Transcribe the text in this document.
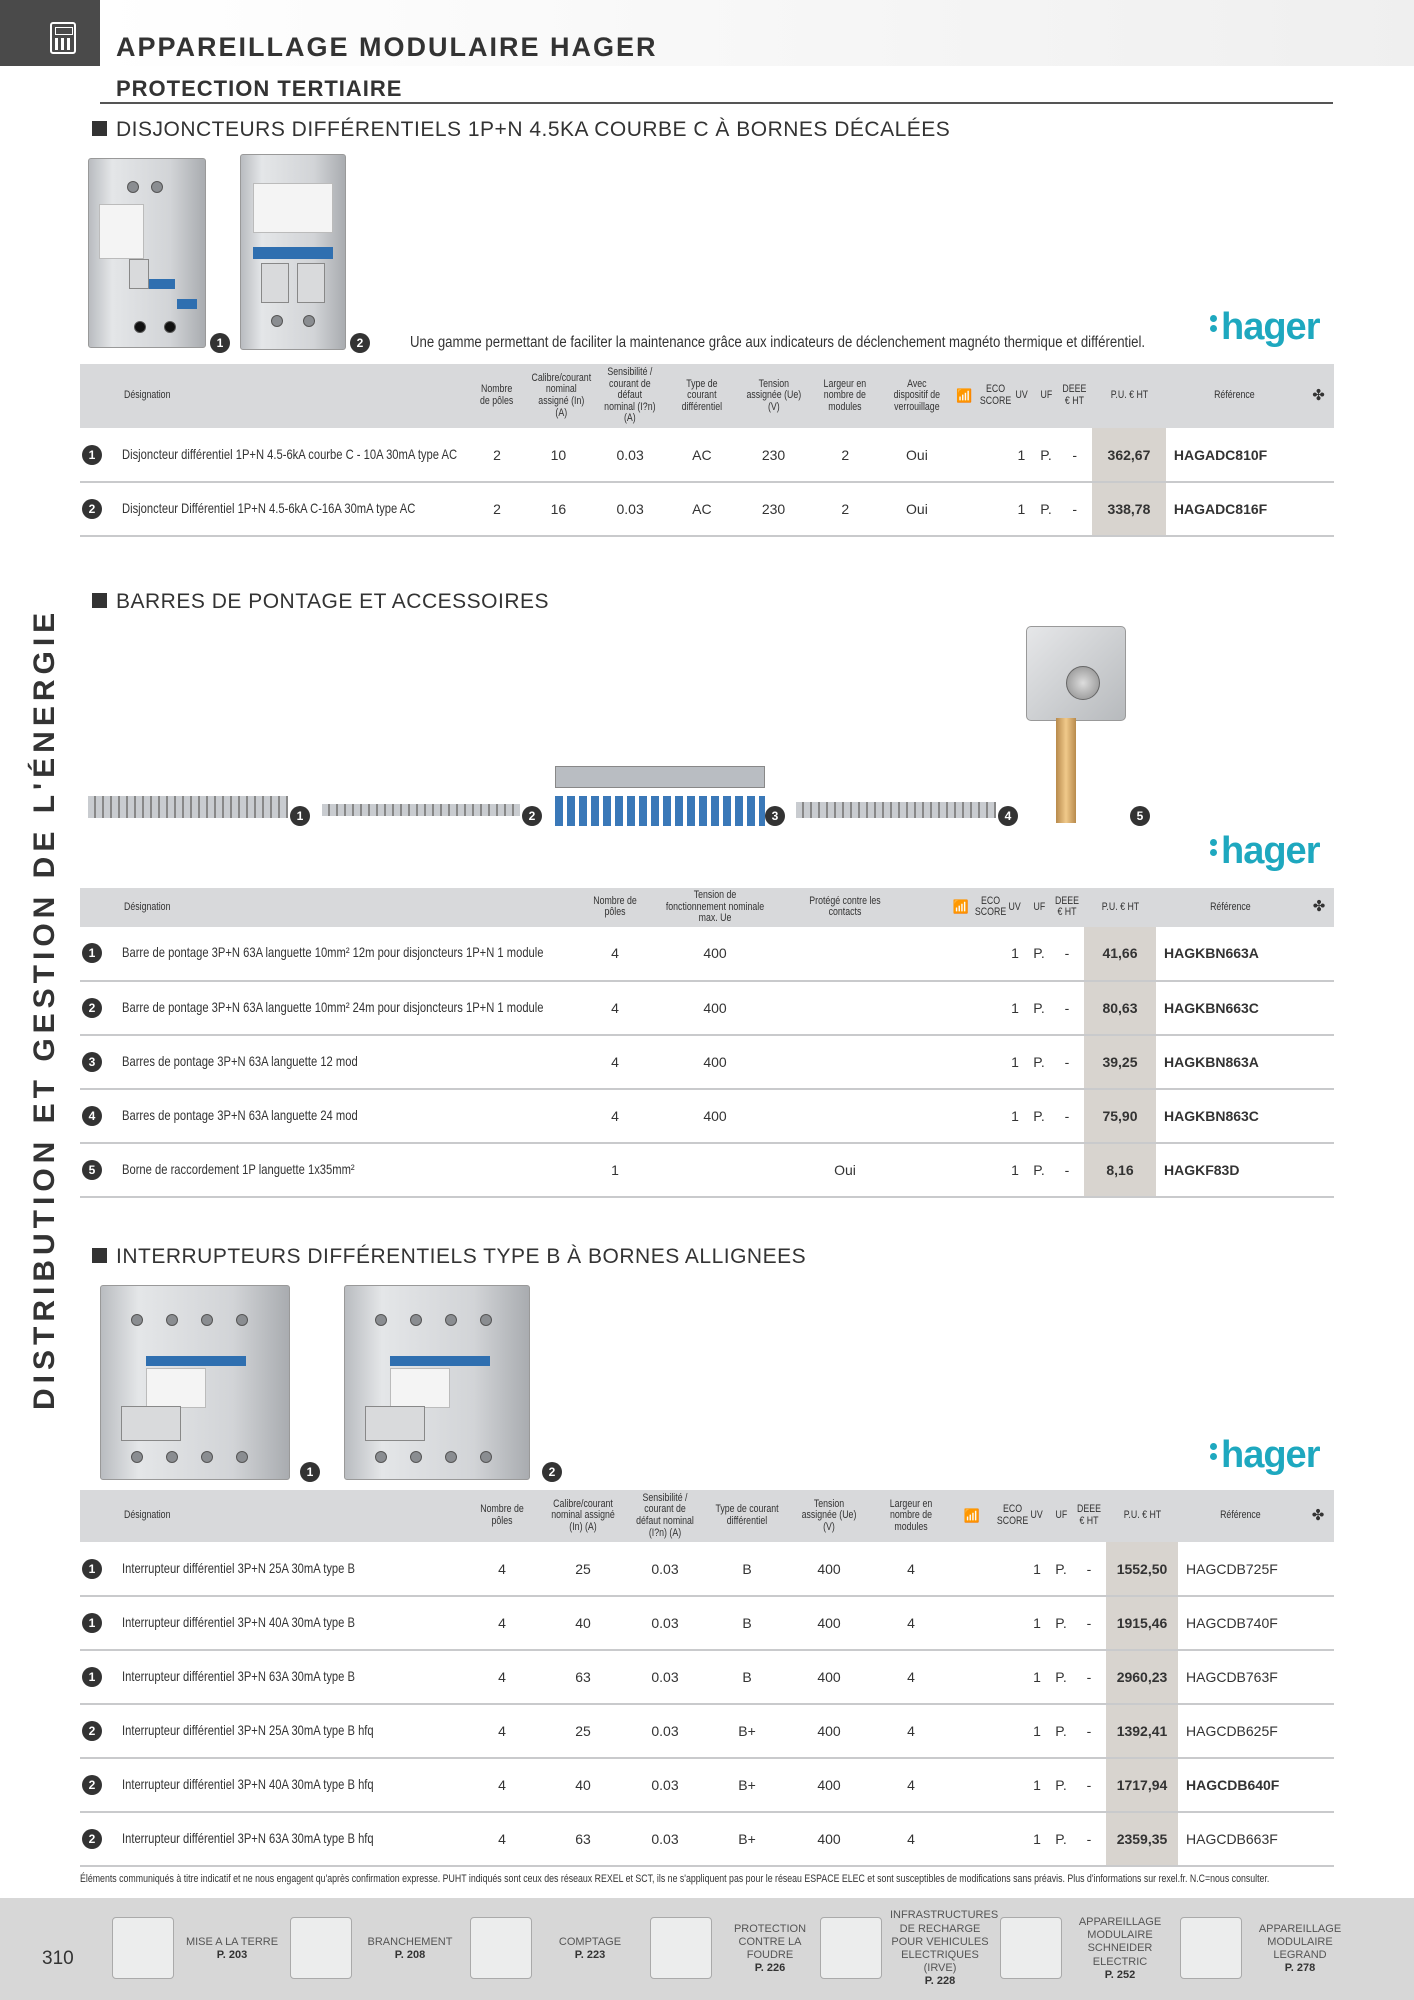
APPAREILLAGE MODULAIRE HAGER
PROTECTION TERTIAIRE
DISTRIBUTION ET GESTION DE L'ÉNERGIE
DISJONCTEURS DIFFÉRENTIELS 1P+N 4.5KA COURBE C À BORNES DÉCALÉES
1	2	Une gamme permettant de faciliter la maintenance grâce aux indicateurs de déclenchement magnéto thermique et différentiel. hager
Désignation	Nombre de pôles	Calibre/courant nominal assigné (In) (A)	Sensibilité / courant de défaut nominal (I?n) (A)	Type de courant différentiel	Tension assignée (Ue) (V)	Largeur en nombre de modules	Avec dispositif de verrouillage	📶	ECO SCORE	UV	UF	DEEE € HT	P.U. € HT	Référence	✤
1 Disjoncteur différentiel 1P+N 4.5-6kA courbe C - 10A 30mA type AC	2	10	0.03	AC	230	2	Oui			1	P.	-	362,67	HAGADC810F	
2 Disjoncteur Différentiel 1P+N 4.5-6kA C-16A 30mA type AC	2	16	0.03	AC	230	2	Oui			1	P.	-	338,78	HAGADC816F	
BARRES DE PONTAGE ET ACCESSOIRES
1	2	3	4	5
hager
Désignation	Nombre de pôles	Tension de fonctionnement nominale max. Ue	Protégé contre les contacts	📶	ECO SCORE	UV	UF	DEEE € HT	P.U. € HT	Référence	✤
1 Barre de pontage 3P+N 63A languette 10mm² 12m pour disjoncteurs 1P+N 1 module	4	400				1	P.	-	41,66	HAGKBN663A	
2 Barre de pontage 3P+N 63A languette 10mm² 24m pour disjoncteurs 1P+N 1 module	4	400				1	P.	-	80,63	HAGKBN663C	
3 Barres de pontage 3P+N 63A languette 12 mod	4	400				1	P.	-	39,25	HAGKBN863A	
4 Barres de pontage 3P+N 63A languette 24 mod	4	400				1	P.	-	75,90	HAGKBN863C	
5 Borne de raccordement 1P languette 1x35mm²	1		Oui			1	P.	-	8,16	HAGKF83D	
INTERRUPTEURS DIFFÉRENTIELS TYPE B À BORNES ALLIGNEES
1	2	hager
Désignation	Nombre de pôles	Calibre/courant nominal assigné (In) (A)	Sensibilité / courant de défaut nominal (I?n) (A)	Type de courant différentiel	Tension assignée (Ue) (V)	Largeur en nombre de modules	📶	ECO SCORE	UV	UF	DEEE € HT	P.U. € HT	Référence	✤
1 Interrupteur différentiel 3P+N 25A 30mA type B	4	25	0.03	B	400	4			1	P.	-	1552,50	HAGCDB725F	
1 Interrupteur différentiel 3P+N 40A 30mA type B	4	40	0.03	B	400	4			1	P.	-	1915,46	HAGCDB740F	
1 Interrupteur différentiel 3P+N 63A 30mA type B	4	63	0.03	B	400	4			1	P.	-	2960,23	HAGCDB763F	
2 Interrupteur différentiel 3P+N 25A 30mA type B hfq	4	25	0.03	B+	400	4			1	P.	-	1392,41	HAGCDB625F	
2 Interrupteur différentiel 3P+N 40A 30mA type B hfq	4	40	0.03	B+	400	4			1	P.	-	1717,94	HAGCDB640F	
2 Interrupteur différentiel 3P+N 63A 30mA type B hfq	4	63	0.03	B+	400	4			1	P.	-	2359,35	HAGCDB663F	
Éléments communiqués à titre indicatif et ne nous engagent qu'après confirmation expresse. PUHT indiqués sont ceux des réseaux REXEL et SCT, ils ne s'appliquent pas pour le réseau ESPACE ELEC et sont susceptibles de modifications sans préavis. Plus d'informations sur rexel.fr. N.C=nous consulter.
310
MISE A LA TERRE
P. 203
BRANCHEMENT
P. 208
COMPTAGE
P. 223
PROTECTION CONTRE LA FOUDRE
P. 226
INFRASTRUCTURES DE RECHARGE POUR VEHICULES ELECTRIQUES (IRVE)
P. 228
APPAREILLAGE MODULAIRE SCHNEIDER ELECTRIC
P. 252
APPAREILLAGE MODULAIRE LEGRAND
P. 278
